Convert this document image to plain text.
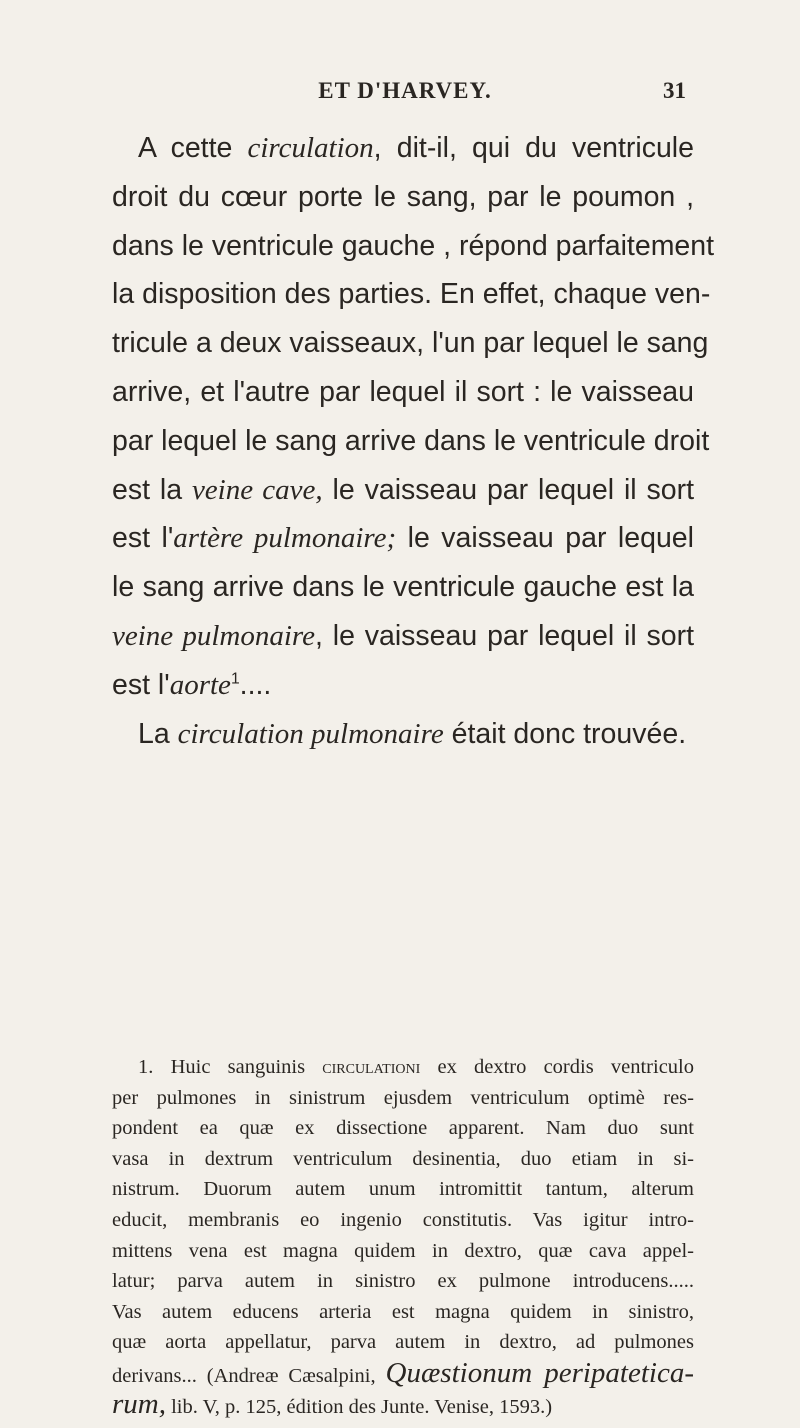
ET D'HARVEY.	31
A cette circulation, dit-il, qui du ventricule
droit du cœur porte le sang, par le poumon ,
dans le ventricule gauche , répond parfaitement
la disposition des parties. En effet, chaque ven-
tricule a deux vaisseaux, l'un par lequel le sang
arrive, et l'autre par lequel il sort : le vaisseau
par lequel le sang arrive dans le ventricule droit
est la veine cave, le vaisseau par lequel il sort
est l'artère pulmonaire; le vaisseau par lequel
le sang arrive dans le ventricule gauche est la
veine pulmonaire, le vaisseau par lequel il sort
est l'aorte$^1$....
La circulation pulmonaire était donc trouvée.
1. Huic sanguinis circulationi ex dextro cordis ventriculo
per pulmones in sinistrum ejusdem ventriculum optimè res-
pondent ea quæ ex dissectione apparent. Nam duo sunt
vasa in dextrum ventriculum desinentia, duo etiam in si-
nistrum. Duorum autem unum intromittit tantum, alterum
educit, membranis eo ingenio constitutis. Vas igitur intro-
mittens vena est magna quidem in dextro, quæ cava appel-
latur; parva autem in sinistro ex pulmone introducens.....
Vas autem educens arteria est magna quidem in sinistro,
quæ aorta appellatur, parva autem in dextro, ad pulmones
derivans... (Andreæ Cæsalpini, Quæstionum peripatetica-
rum, lib. V, p. 125, édition des Junte. Venise, 1593.)
